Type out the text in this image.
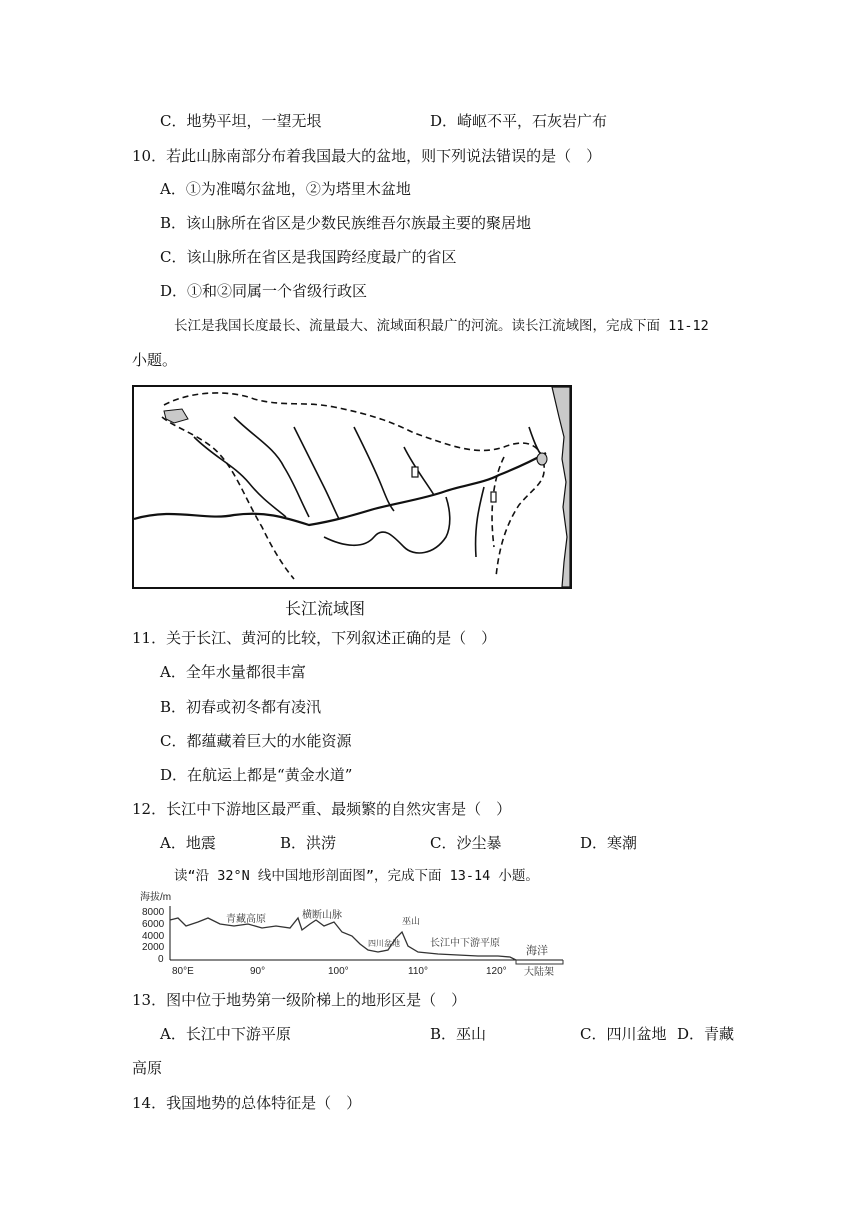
C．地势平坦，一望无垠	D．崎岖不平，石灰岩广布
10．若此山脉南部分布着我国最大的盆地，则下列说法错误的是（　）
A．①为准噶尔盆地，②为塔里木盆地
B．该山脉所在省区是少数民族维吾尔族最主要的聚居地
C．该山脉所在省区是我国跨经度最广的省区
D．①和②同属一个省级行政区
长江是我国长度最长、流量最大、流域面积最广的河流。读长江流域图，完成下面 11-12
小题。
长江流域图
11．关于长江、黄河的比较，下列叙述正确的是（　）
A．全年水量都很丰富
B．初春或初冬都有凌汛
C．都蕴藏着巨大的水能资源
D．在航运上都是“黄金水道”
12．长江中下游地区最严重、最频繁的自然灾害是（　）
A．地震	B．洪涝	C．沙尘暴	D．寒潮
读“沿 32°N 线中国地形剖面图”，完成下面 13-14 小题。
海拔/m
8000
6000
4000
2000
0
80°E	90°	100°	110°	120°
青藏高原	横断山脉	巫山
四川盆地	长江中下游平原
海洋
大陆架
13．图中位于地势第一级阶梯上的地形区是（　）
A．长江中下游平原	B．巫山	C．四川盆地 D．青藏
高原
14．我国地势的总体特征是（　）
